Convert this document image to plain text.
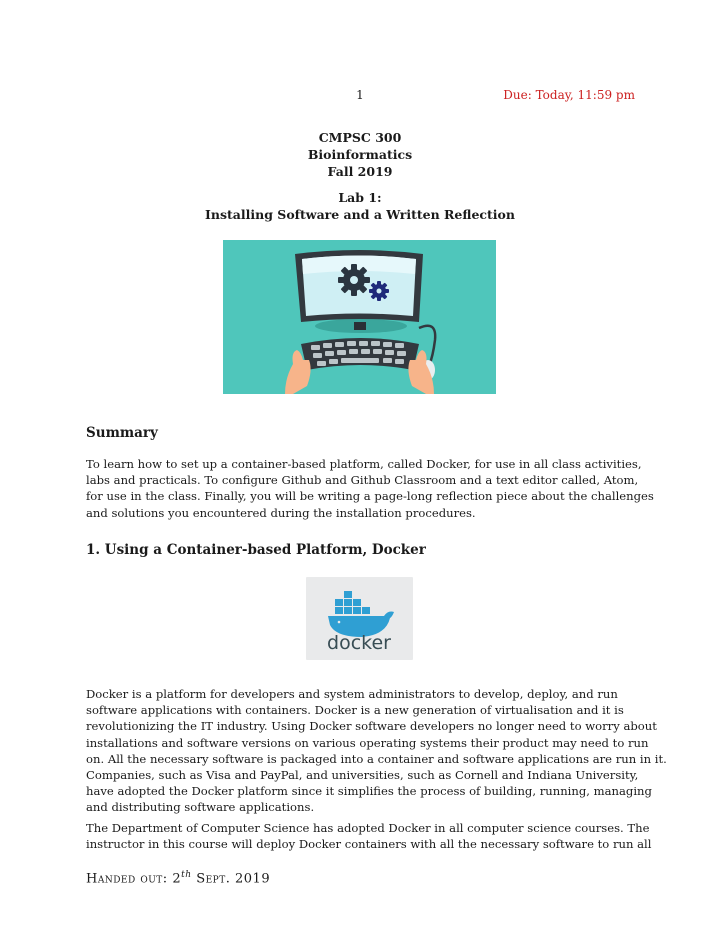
1	Due: Today, 11:59 pm
CMPSC 300
Bioinformatics
Fall 2019
Lab 1:
Installing Software and a Written Reflection
Summary
To learn how to set up a container-based platform, called Docker, for use in all class activities,
labs and practicals. To configure Github and Github Classroom and a text editor called, Atom,
for use in the class. Finally, you will be writing a page-long reflection piece about the challenges
and solutions you encountered during the installation procedures.
1. Using a Container-based Platform, Docker
docker
Docker is a platform for developers and system administrators to develop, deploy, and run
software applications with containers. Docker is a new generation of virtualisation and it is
revolutionizing the IT industry. Using Docker software developers no longer need to worry about
installations and software versions on various operating systems their product may need to run
on. All the necessary software is packaged into a container and software applications are run in it.
Companies, such as Visa and PayPal, and universities, such as Cornell and Indiana University,
have adopted the Docker platform since it simplifies the process of building, running, managing
and distributing software applications.
The Department of Computer Science has adopted Docker in all computer science courses. The
instructor in this course will deploy Docker containers with all the necessary software to run all
Handed out: 2th Sept. 2019
